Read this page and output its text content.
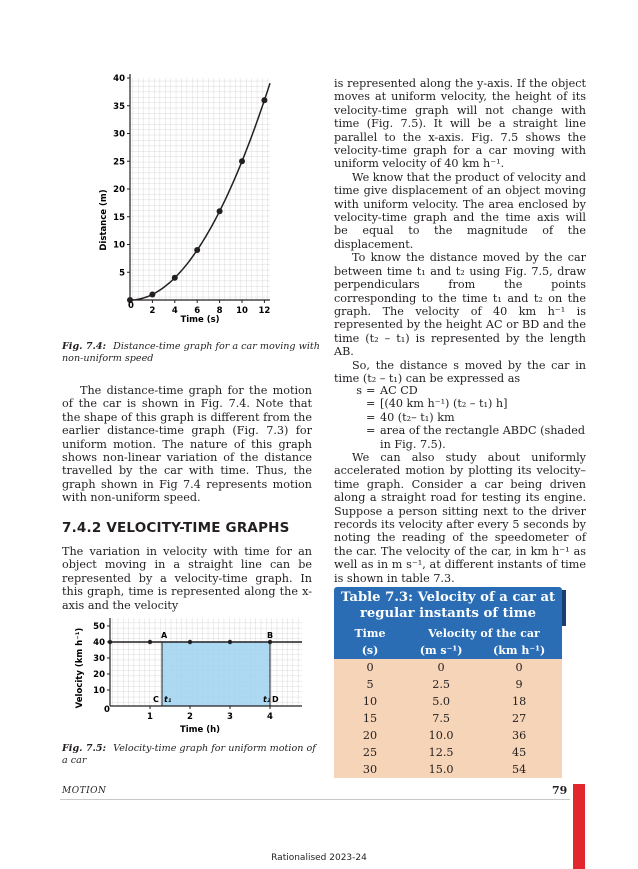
5
10
15
20
25
30
35
40
2 4 6 8 10 12
Distance (m)
Time (s)
0
Fig. 7.4: Distance-time graph for a car moving with non-uniform speed

The distance-time graph for the motion of the car is shown in Fig. 7.4. Note that the shape of this graph is different from the earlier distance-time graph (Fig. 7.3) for uniform motion. The nature of this graph shows non-linear variation of the distance travelled by the car with time. Thus, the graph shown in Fig 7.4 represents motion with non-uniform speed.

7.4.2 VELOCITY-TIME GRAPHS

The variation in velocity with time for an object moving in a straight line can be represented by a velocity-time graph. In this graph, time is represented along the x-axis and the velocity

10
20
30
40
50
1	2	3	4
A	B
C t₁	t₂ D
Velocity (km h⁻¹)
Time (h)
0
Fig. 7.5: Velocity-time graph for uniform motion of a car

is represented along the y-axis. If the object moves at uniform velocity, the height of its velocity-time graph will not change with time (Fig. 7.5). It will be a straight line parallel to the x-axis. Fig. 7.5 shows the velocity-time graph for a car moving with uniform velocity of 40 km h⁻¹.

We know that the product of velocity and time give displacement of an object moving with uniform velocity. The area enclosed by velocity-time graph and the time axis will be equal to the magnitude of the displacement.

To know the distance moved by the car between time t₁ and t₂ using Fig. 7.5, draw perpendiculars from the points corresponding to the time t₁ and t₂ on the graph. The velocity of 40 km h⁻¹ is represented by the height AC or BD and the time (t₂ – t₁) is represented by the length AB.

So, the distance s moved by the car in time (t₂ – t₁) can be expressed as

s = AC CD
= [(40 km h⁻¹) (t₂ – t₁) h]
= 40 (t₂– t₁) km
= area of the rectangle ABDC (shaded
in Fig. 7.5).

We can also study about uniformly accelerated motion by plotting its velocity–time graph. Consider a car being driven along a straight road for testing its engine. Suppose a person sitting next to the driver records its velocity after every 5 seconds by noting the reading of the speedometer of the car. The velocity of the car, in km h⁻¹ as well as in m s⁻¹, at different instants of time is shown in table 7.3.

Table 7.3: Velocity of a car at
regular instants of time
Time	Velocity of the car	
(s)	(m s⁻¹)	(km h⁻¹)
0	0	0
5	2.5	9
10	5.0	18
15	7.5	27
20	10.0	36
25	12.5	45
30	15.0	54
MOTION	79
Rationalised 2023-24
